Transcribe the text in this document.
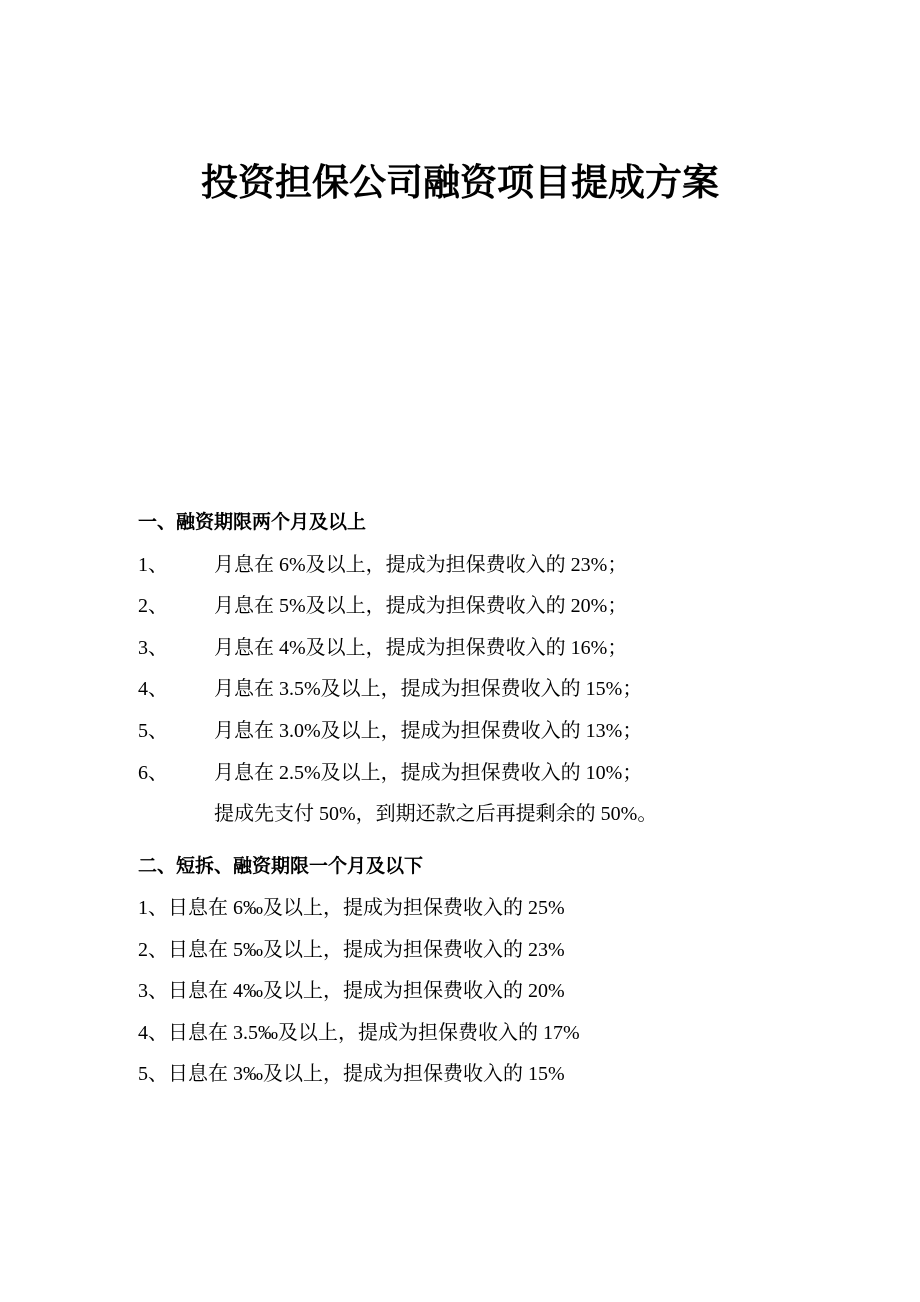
投资担保公司融资项目提成方案
一、融资期限两个月及以上
1、 月息在 6%及以上，提成为担保费收入的 23%；
2、 月息在 5%及以上，提成为担保费收入的 20%；
3、 月息在 4%及以上，提成为担保费收入的 16%；
4、 月息在 3.5%及以上，提成为担保费收入的 15%；
5、 月息在 3.0%及以上，提成为担保费收入的 13%；
6、 月息在 2.5%及以上，提成为担保费收入的 10%；
提成先支付 50%，到期还款之后再提剩余的 50%。
二、短拆、融资期限一个月及以下
1、日息在 6‰及以上，提成为担保费收入的 25%
2、日息在 5‰及以上，提成为担保费收入的 23%
3、日息在 4‰及以上，提成为担保费收入的 20%
4、日息在 3.5‰及以上，提成为担保费收入的 17%
5、日息在 3‰及以上，提成为担保费收入的 15%
